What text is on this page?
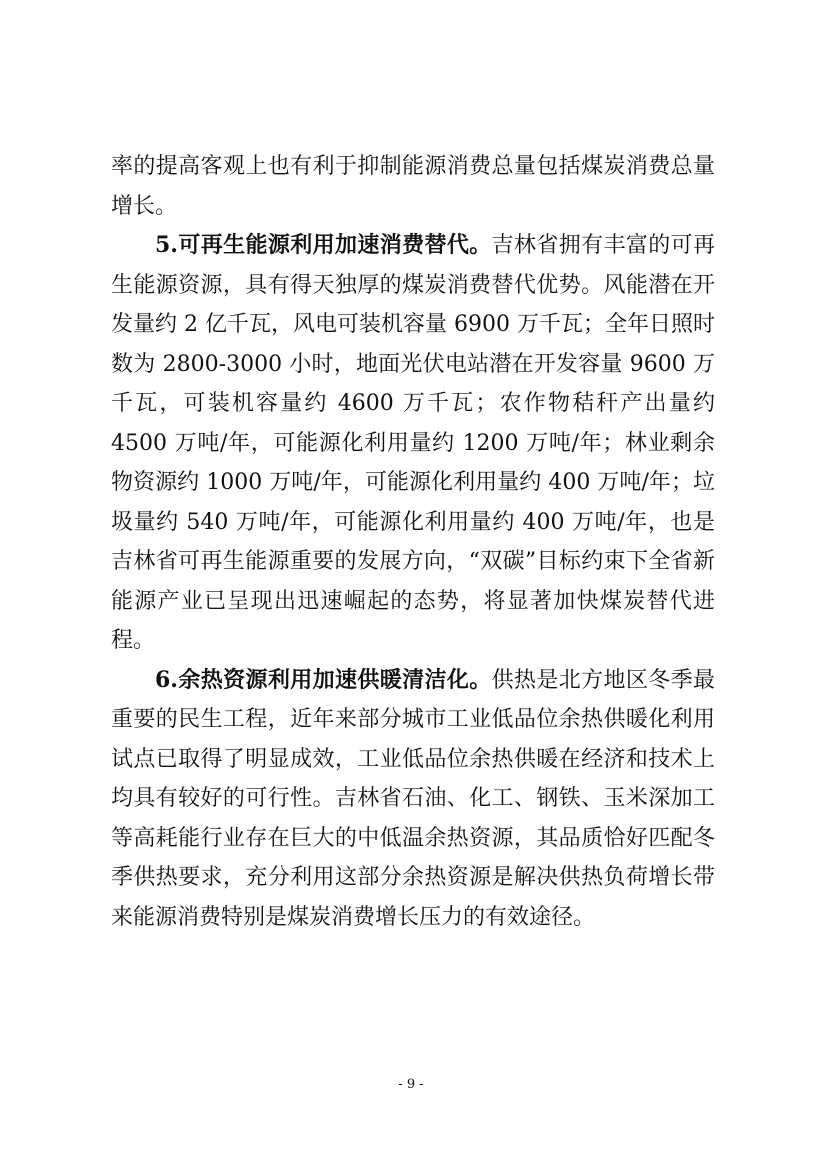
率的提高客观上也有利于抑制能源消费总量包括煤炭消费总量增长。

5.可再生能源利用加速消费替代。吉林省拥有丰富的可再生能源资源，具有得天独厚的煤炭消费替代优势。风能潜在开发量约 2 亿千瓦，风电可装机容量 6900 万千瓦；全年日照时数为 2800-3000 小时，地面光伏电站潜在开发容量 9600 万千瓦，可装机容量约 4600 万千瓦；农作物秸秆产出量约 4500 万吨/年，可能源化利用量约 1200 万吨/年；林业剩余物资源约 1000 万吨/年，可能源化利用量约 400 万吨/年；垃圾量约 540 万吨/年，可能源化利用量约 400 万吨/年，也是吉林省可再生能源重要的发展方向，“双碳”目标约束下全省新能源产业已呈现出迅速崛起的态势，将显著加快煤炭替代进程。

6.余热资源利用加速供暖清洁化。供热是北方地区冬季最重要的民生工程，近年来部分城市工业低品位余热供暖化利用试点已取得了明显成效，工业低品位余热供暖在经济和技术上均具有较好的可行性。吉林省石油、化工、钢铁、玉米深加工等高耗能行业存在巨大的中低温余热资源，其品质恰好匹配冬季供热要求，充分利用这部分余热资源是解决供热负荷增长带来能源消费特别是煤炭消费增长压力的有效途径。

- 9 -
